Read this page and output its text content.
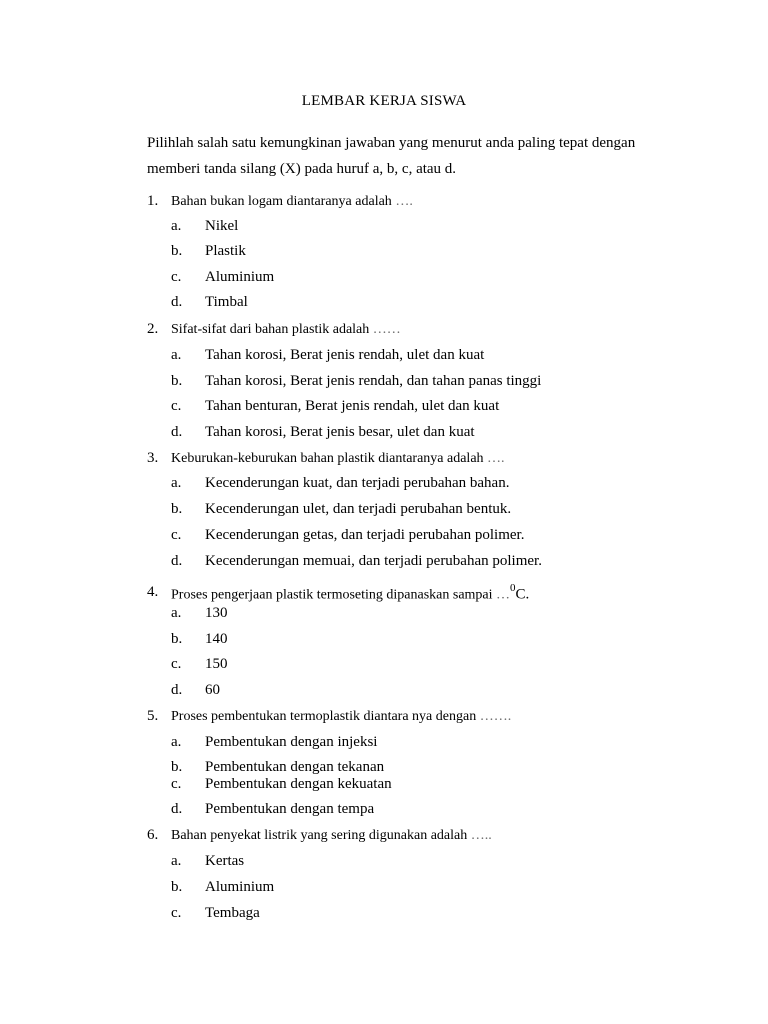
LEMBAR KERJA SISWA
Pilihlah salah satu kemungkinan jawaban yang menurut anda paling tepat dengan
memberi tanda silang (X) pada huruf a, b, c, atau d.
1. Bahan bukan logam diantaranya adalah ….
a. Nikel
b. Plastik
c. Aluminium
d. Timbal
2. Sifat-sifat dari bahan plastik adalah ……
a. Tahan korosi, Berat jenis rendah, ulet dan kuat
b. Tahan korosi, Berat jenis rendah, dan tahan panas tinggi
c. Tahan benturan, Berat jenis rendah, ulet dan kuat
d. Tahan korosi, Berat jenis besar, ulet dan kuat
3. Keburukan-keburukan bahan plastik diantaranya adalah ….
a. Kecenderungan kuat, dan terjadi perubahan bahan.
b. Kecenderungan ulet, dan terjadi perubahan bentuk.
c. Kecenderungan getas, dan terjadi perubahan polimer.
d. Kecenderungan memuai, dan terjadi perubahan polimer.
4. Proses pengerjaan plastik termoseting dipanaskan sampai …$^0$C.
a. 130
b. 140
c. 150
d. 60
5. Proses pembentukan termoplastik diantara nya dengan …….
a. Pembentukan dengan injeksi
b. Pembentukan dengan tekanan
c. Pembentukan dengan kekuatan
d. Pembentukan dengan tempa
6. Bahan penyekat listrik yang sering digunakan adalah …..
a. Kertas
b. Aluminium
c. Tembaga
